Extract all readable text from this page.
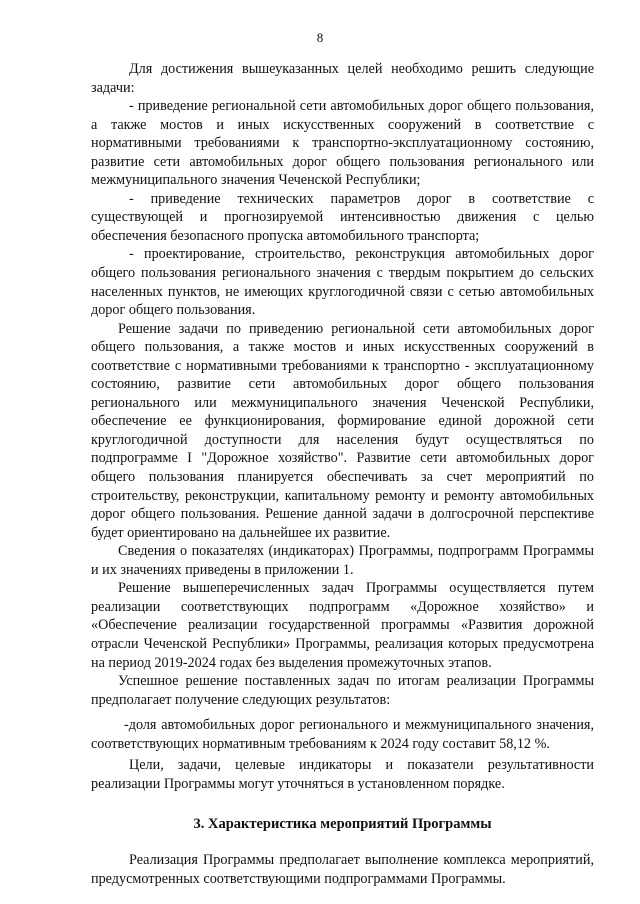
8

Для достижения вышеуказанных целей необходимо решить следующие задачи:

- приведение региональной сети автомобильных дорог общего пользования, а также мостов и иных искусственных сооружений в соответствие с нормативными требованиями к транспортно-эксплуатационному состоянию, развитие сети автомобильных дорог общего пользования регионального или межмуниципального значения Чеченской Республики;

- приведение технических параметров дорог в соответствие с существующей и прогнозируемой интенсивностью движения с целью обеспечения безопасного пропуска автомобильного транспорта;

- проектирование, строительство, реконструкция автомобильных дорог общего пользования регионального значения с твердым покрытием до сельских населенных пунктов, не имеющих круглогодичной связи с сетью автомобильных дорог общего пользования.

Решение задачи по приведению региональной сети автомобильных дорог общего пользования, а также мостов и иных искусственных сооружений в соответствие с нормативными требованиями к транспортно - эксплуатационному состоянию, развитие сети автомобильных дорог общего пользования регионального или межмуниципального значения Чеченской Республики, обеспечение ее функционирования, формирование единой дорожной сети круглогодичной доступности для населения будут осуществляться по подпрограмме I "Дорожное хозяйство". Развитие сети автомобильных дорог общего пользования планируется обеспечивать за счет мероприятий по строительству, реконструкции, капитальному ремонту и ремонту автомобильных дорог общего пользования. Решение данной задачи в долгосрочной перспективе будет ориентировано на дальнейшее их развитие.

Сведения о показателях (индикаторах) Программы, подпрограмм Программы и их значениях приведены в приложении 1.

Решение вышеперечисленных задач Программы осуществляется путем реализации соответствующих подпрограмм «Дорожное хозяйство» и «Обеспечение реализации государственной программы «Развития дорожной отрасли Чеченской Республики» Программы, реализация которых предусмотрена на период 2019-2024 годах без выделения промежуточных этапов.

Успешное решение поставленных задач по итогам реализации Программы предполагает получение следующих результатов:

-доля автомобильных дорог регионального и межмуниципального значения, соответствующих нормативным требованиям к 2024 году составит 58,12 %.

Цели, задачи, целевые индикаторы и показатели результативности реализации Программы могут уточняться в установленном порядке.

3. Характеристика мероприятий Программы

Реализация Программы предполагает выполнение комплекса мероприятий, предусмотренных соответствующими подпрограммами Программы.
